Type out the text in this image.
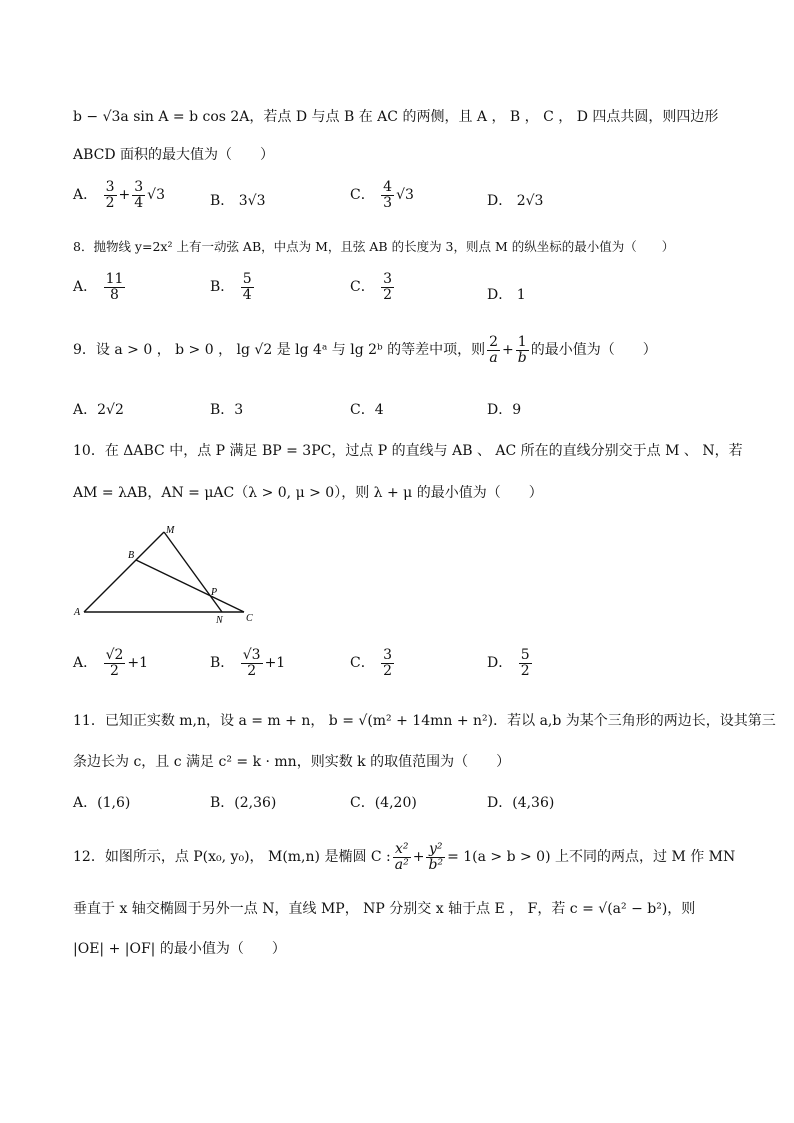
b − √3a sin A = b cos 2A，若点 D 与点 B 在 AC 的两侧，且 A ， B ， C ， D 四点共圆，则四边形
ABCD 面积的最大值为（　　）
A． $\frac{3}{2} + \frac{3}{4} √3$	B． 3√3	C． $\frac{4}{3} √3$	D． 2√3
8．抛物线 y=2x² 上有一动弦 AB，中点为 M，且弦 AB 的长度为 3，则点 M 的纵坐标的最小值为（　　）
A． $\frac{11}{8}$	B． $\frac{5}{4}$	C． $\frac{3}{2}$	D． 1
9．设 a > 0 ， b > 0 ， lg √2 是 lg 4ᵃ 与 lg 2ᵇ 的等差中项，则 $\frac{2}{a} + \frac{1}{b}$ 的最小值为（　　）
A．2√2	B．3	C．4	D．9
10．在 ΔABC 中，点 P 满足 BP = 3PC，过点 P 的直线与 AB 、 AC 所在的直线分别交于点 M 、 N，若
AM = λAB，AN = μAC（λ > 0, μ > 0），则 λ + μ 的最小值为（　　）
A
B
C
M
N
P
A． $\frac{√2}{2} +1$	B． $\frac{√3}{2} +1$	C． $\frac{3}{2}$	D． $\frac{5}{2}$
11．已知正实数 m,n，设 a = m + n， b = √(m² + 14mn + n²)．若以 a,b 为某个三角形的两边长，设其第三
条边长为 c，且 c 满足 c² = k · mn，则实数 k 的取值范围为（　　）
A．(1,6)	B．(2,36)	C．(4,20)	D．(4,36)
12．如图所示，点 P(x₀, y₀)， M(m,n) 是椭圆 C : $\frac{\text{x²}}{\text{a²}} + \frac{\text{y²}}{\text{b²}} = 1(a > b > 0)$ 上不同的两点，过 M 作 MN
垂直于 x 轴交椭圆于另外一点 N，直线 MP， NP 分别交 x 轴于点 E ， F，若 c = √(a² − b²)，则
|OE| + |OF| 的最小值为（　　）
